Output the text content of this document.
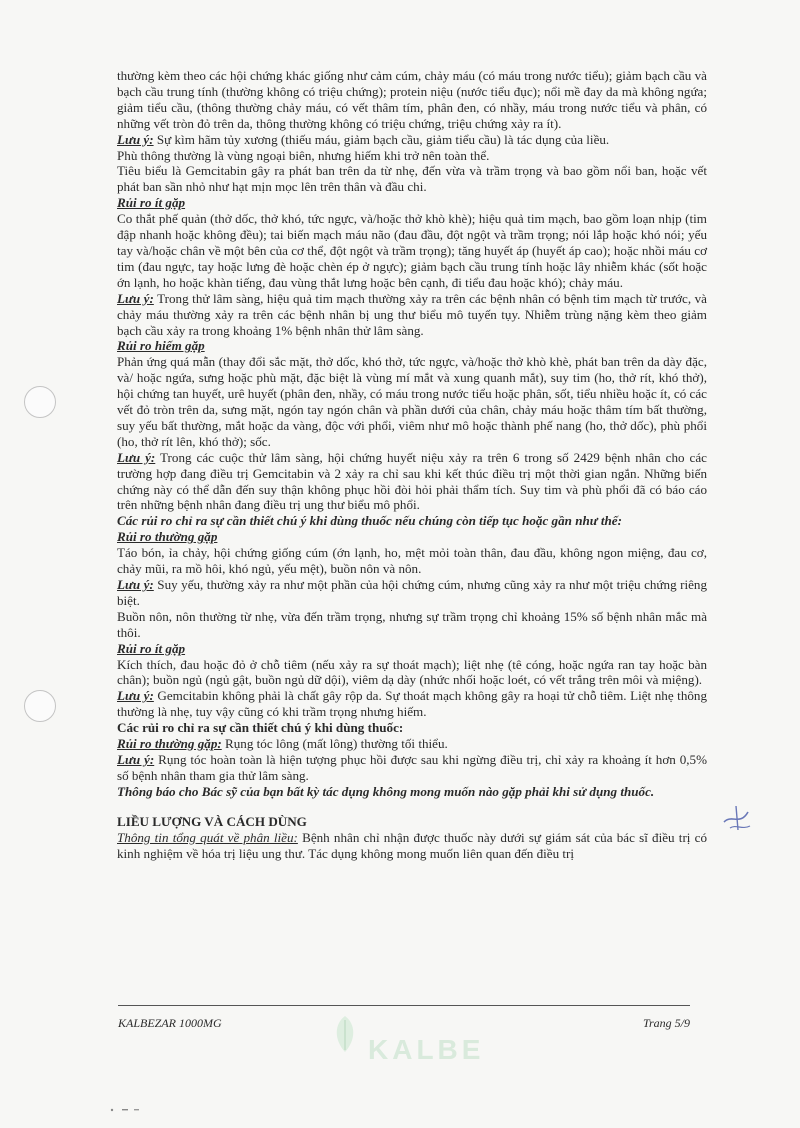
thường kèm theo các hội chứng khác giống như cảm cúm, chảy máu (có máu trong nước tiểu); giảm bạch cầu và bạch cầu trung tính (thường không có triệu chứng); protein niệu (nước tiểu đục); nổi mề đay da mà không ngứa; giảm tiểu cầu, (thông thường chảy máu, có vết thâm tím, phân đen, có nhầy, máu trong nước tiểu và phân, có những vết tròn đỏ trên da, thông thường không có triệu chứng, triệu chứng xảy ra ít).

Lưu ý: Sự kìm hãm tủy xương (thiếu máu, giảm bạch cầu, giảm tiểu cầu) là tác dụng của liều.

Phù thông thường là vùng ngoại biên, nhưng hiếm khi trở nên toàn thể.

Tiêu biểu là Gemcitabin gây ra phát ban trên da từ nhẹ, đến vừa và trầm trọng và bao gồm nổi ban, hoặc vết phát ban sần nhỏ như hạt mịn mọc lên trên thân và đầu chi.

Rủi ro ít gặp

Co thắt phế quản (thở dốc, thở khó, tức ngực, và/hoặc thở khò khè); hiệu quả tim mạch, bao gồm loạn nhịp (tim đập nhanh hoặc không đều); tai biến mạch máu não (đau đầu, đột ngột và trầm trọng; nói lắp hoặc khó nói; yếu tay và/hoặc chân về một bên của cơ thể, đột ngột và trầm trọng); tăng huyết áp (huyết áp cao); hoặc nhồi máu cơ tim (đau ngực, tay hoặc lưng đè hoặc chèn ép ở ngực); giảm bạch cầu trung tính hoặc lây nhiễm khác (sốt hoặc ớn lạnh, ho hoặc khàn tiếng, đau vùng thắt lưng hoặc bên cạnh, đi tiểu đau hoặc khó); chảy máu.

Lưu ý: Trong thử lâm sàng, hiệu quả tim mạch thường xảy ra trên các bệnh nhân có bệnh tim mạch từ trước, và chảy máu thường xảy ra trên các bệnh nhân bị ung thư biểu mô tuyến tụy. Nhiễm trùng nặng kèm theo giảm bạch cầu xảy ra trong khoảng 1% bệnh nhân thử lâm sàng.

Rủi ro hiếm gặp

Phản ứng quá mẫn (thay đổi sắc mặt, thở dốc, khó thở, tức ngực, và/hoặc thở khò khè, phát ban trên da dày đặc, và/ hoặc ngứa, sưng hoặc phù mặt, đặc biệt là vùng mí mắt và xung quanh mắt), suy tim (ho, thở rít, khó thở), hội chứng tan huyết, urê huyết (phân đen, nhầy, có máu trong nước tiểu hoặc phân, sốt, tiểu nhiều hoặc ít, có các vết đỏ tròn trên da, sưng mặt, ngón tay ngón chân và phần dưới của chân, chảy máu hoặc thâm tím bất thường, suy yếu bất thường, mắt hoặc da vàng, độc với phổi, viêm như mô hoặc thành phế nang (ho, thở dốc), phù phổi (ho, thở rít lên, khó thở); sốc.

Lưu ý: Trong các cuộc thử lâm sàng, hội chứng huyết niệu xảy ra trên 6 trong số 2429 bệnh nhân cho các trường hợp đang điều trị Gemcitabin và 2 xảy ra chỉ sau khi kết thúc điều trị một thời gian ngắn. Những biến chứng này có thể dẫn đến suy thận không phục hồi đòi hỏi phải thẩm tích. Suy tim và phù phổi đã có báo cáo trên những bệnh nhân đang điều trị ung thư biểu mô phổi.

Các rủi ro chỉ ra sự cần thiết chú ý khi dùng thuốc nếu chúng còn tiếp tục hoặc gần như thế:

Rủi ro thường gặp

Táo bón, ỉa chảy, hội chứng giống cúm (ớn lạnh, ho, mệt mỏi toàn thân, đau đầu, không ngon miệng, đau cơ, chảy mũi, ra mồ hôi, khó ngủ, yếu mệt), buồn nôn và nôn.

Lưu ý: Suy yếu, thường xảy ra như một phần của hội chứng cúm, nhưng cũng xảy ra như một triệu chứng riêng biệt.

Buồn nôn, nôn thường từ nhẹ, vừa đến trầm trọng, nhưng sự trầm trọng chỉ khoảng 15% số bệnh nhân mắc mà thôi.

Rủi ro ít gặp

Kích thích, đau hoặc đỏ ở chỗ tiêm (nếu xảy ra sự thoát mạch); liệt nhẹ (tê cóng, hoặc ngứa ran tay hoặc bàn chân); buồn ngủ (ngủ gật, buồn ngủ dữ dội), viêm dạ dày (nhức nhối hoặc loét, có vết trắng trên môi và miệng).

Lưu ý: Gemcitabin không phải là chất gây rộp da. Sự thoát mạch không gây ra hoại tử chỗ tiêm. Liệt nhẹ thông thường là nhẹ, tuy vậy cũng có khi trầm trọng nhưng hiếm.

Các rủi ro chỉ ra sự cần thiết chú ý khi dùng thuốc:

Rủi ro thường gặp: Rụng tóc lông (mất lông) thường tối thiểu.

Lưu ý: Rụng tóc hoàn toàn là hiện tượng phục hồi được sau khi ngừng điều trị, chỉ xảy ra khoảng ít hơn 0,5% số bệnh nhân tham gia thử lâm sàng.

Thông báo cho Bác sỹ của bạn bất kỳ tác dụng không mong muốn nào gặp phải khi sử dụng thuốc.

LIỀU LƯỢNG VÀ CÁCH DÙNG

Thông tin tổng quát về phân liều: Bệnh nhân chỉ nhận được thuốc này dưới sự giám sát của bác sĩ điều trị có kinh nghiệm về hóa trị liệu ung thư. Tác dụng không mong muốn liên quan đến điều trị

KALBEZAR 1000MG	Trang 5/9
KALBE
